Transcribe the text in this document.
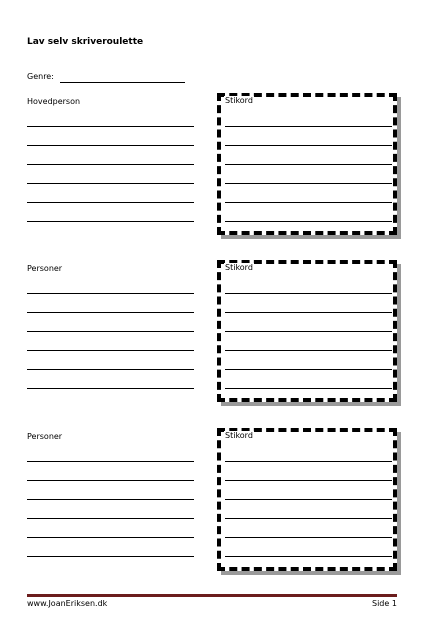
Lav selv skriveroulette
Genre:
Hovedperson	Stikord
Personer	Stikord
Personer	Stikord
www.JoanEriksen.dk	Side 1
